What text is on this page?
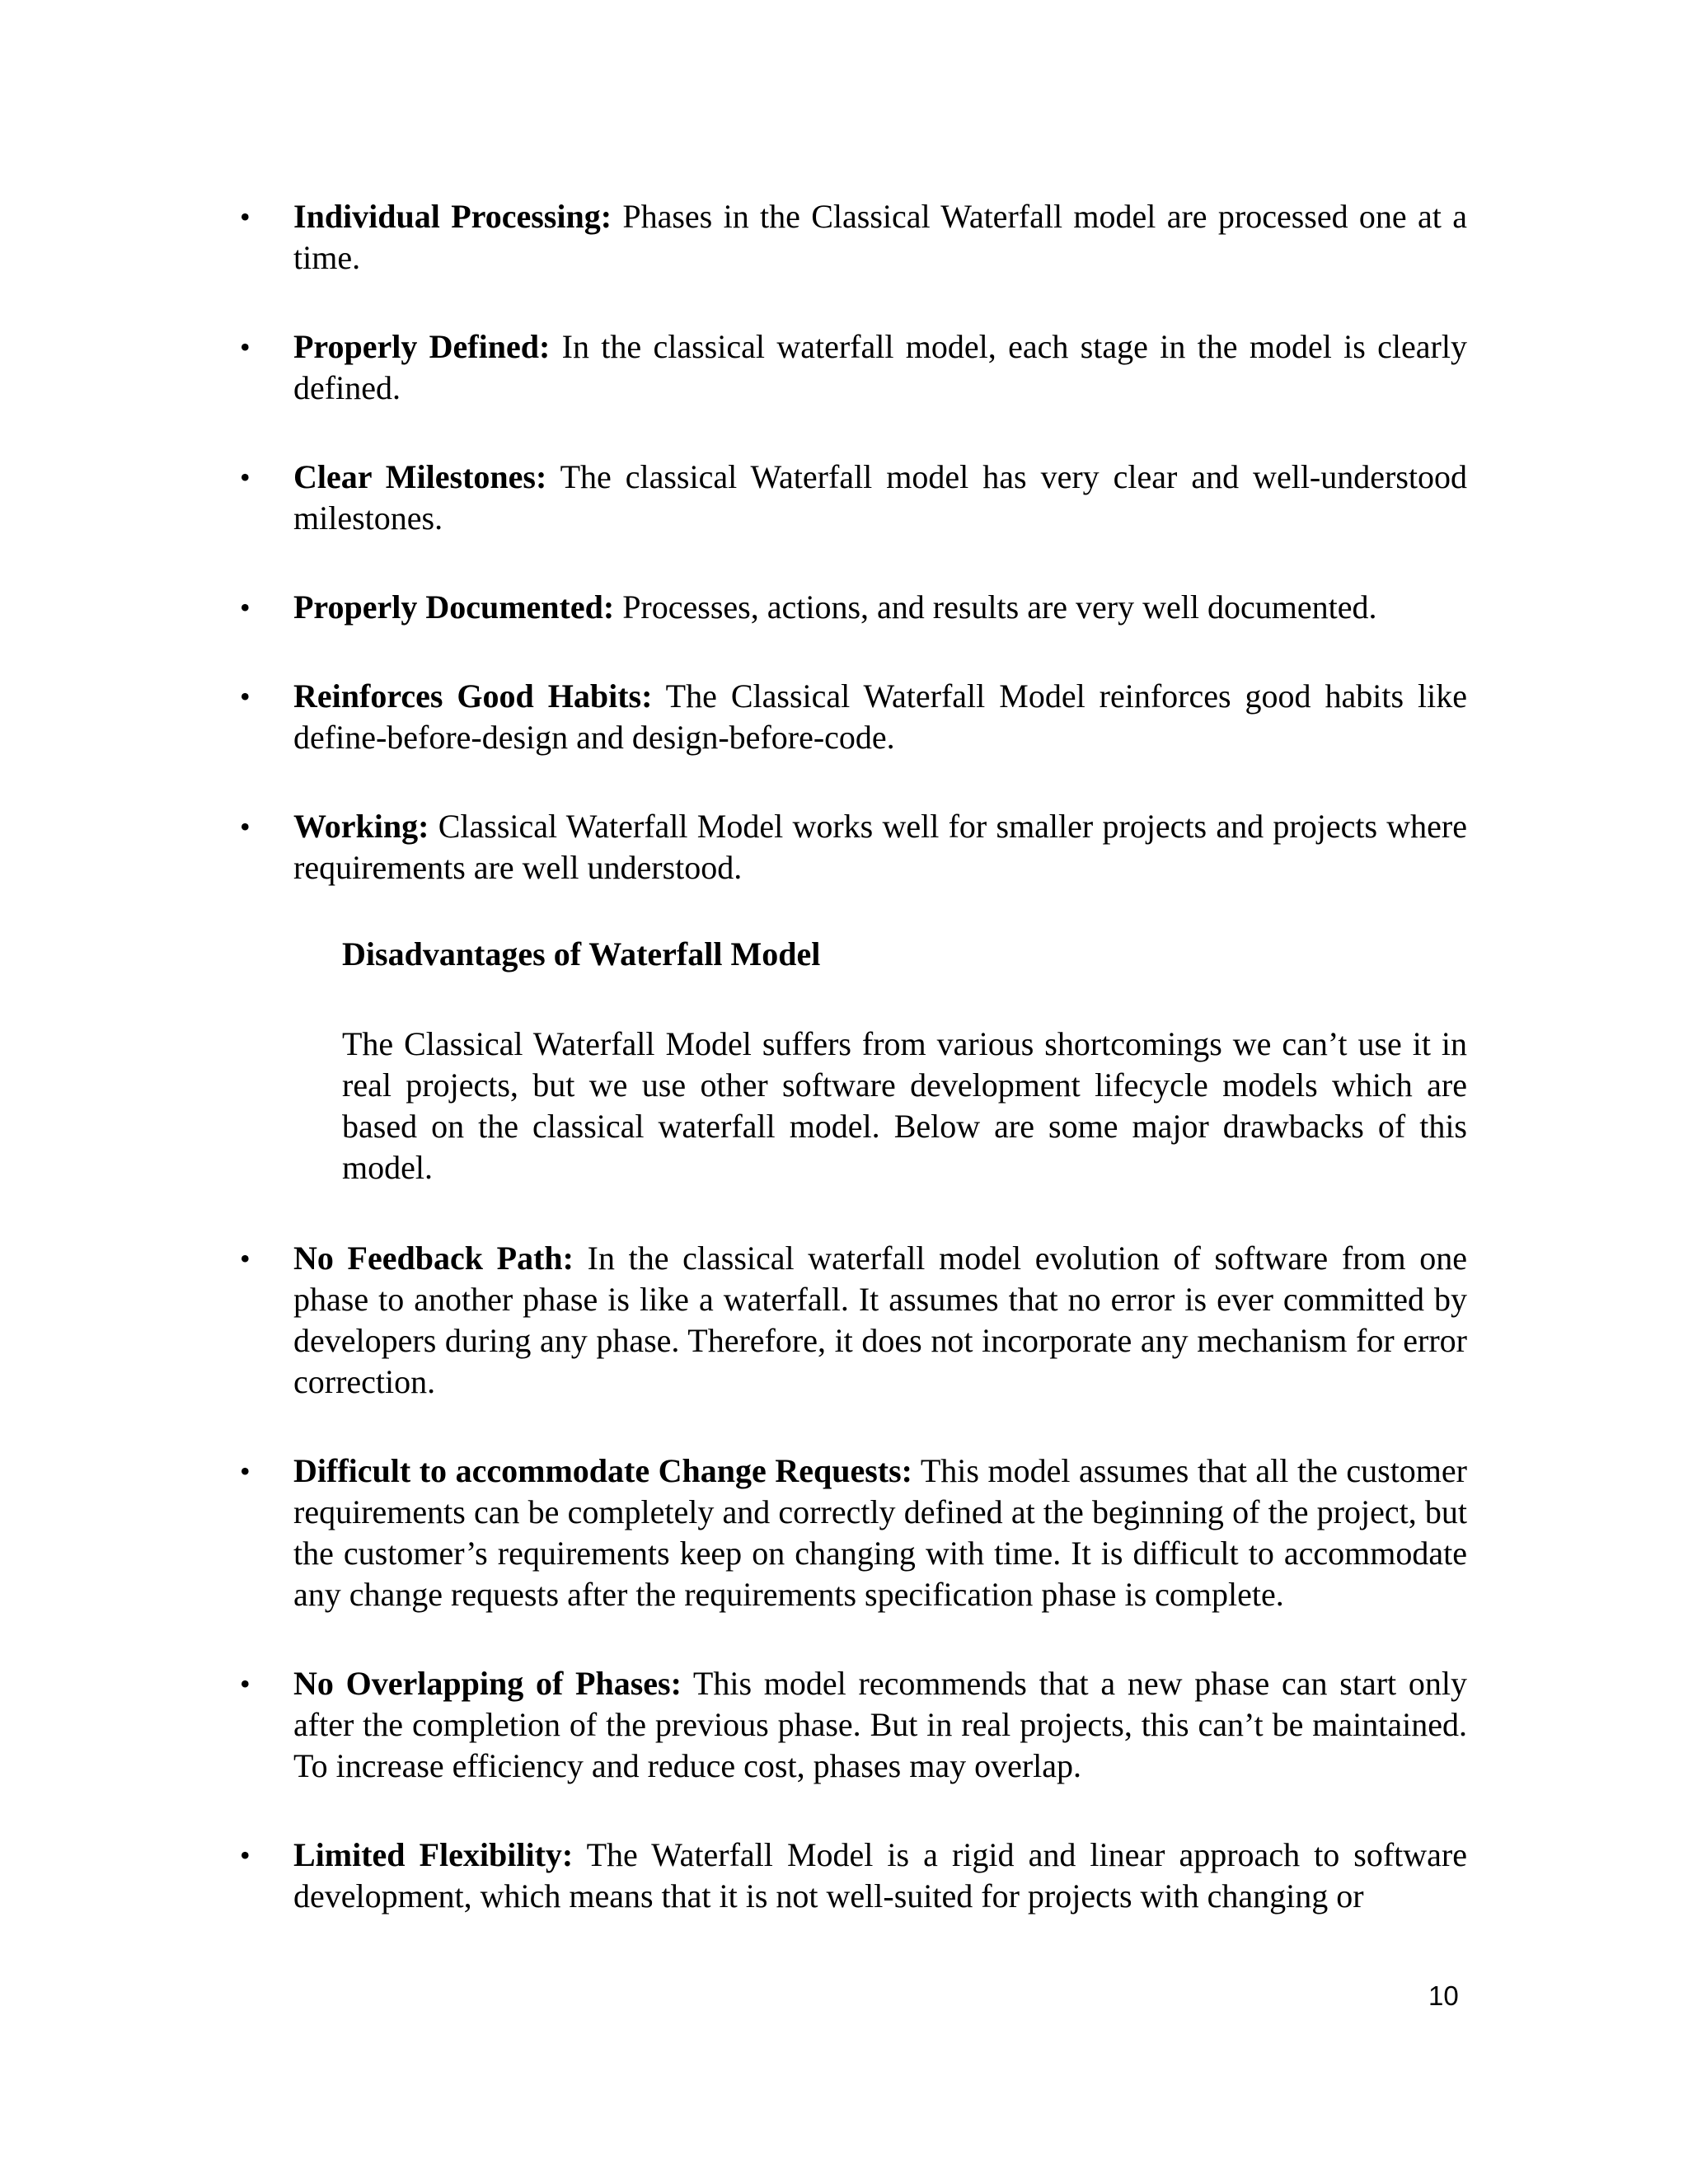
• Individual Processing: Phases in the Classical Waterfall model are processed one at a time.
• Properly Defined: In the classical waterfall model, each stage in the model is clearly defined.
• Clear Milestones: The classical Waterfall model has very clear and well-understood milestones.
• Properly Documented: Processes, actions, and results are very well documented.
• Reinforces Good Habits: The Classical Waterfall Model reinforces good habits like define-before-design and design-before-code.
• Working: Classical Waterfall Model works well for smaller projects and projects where requirements are well understood.
Disadvantages of Waterfall Model

The Classical Waterfall Model suffers from various shortcomings we can’t use it in real projects, but we use other software development lifecycle models which are based on the classical waterfall model. Below are some major drawbacks of this model.

• No Feedback Path: In the classical waterfall model evolution of software from one phase to another phase is like a waterfall. It assumes that no error is ever committed by developers during any phase. Therefore, it does not incorporate any mechanism for error correction.
• Difficult to accommodate Change Requests: This model assumes that all the customer requirements can be completely and correctly defined at the beginning of the project, but the customer’s requirements keep on changing with time. It is difficult to accommodate any change requests after the requirements specification phase is complete.
• No Overlapping of Phases: This model recommends that a new phase can start only after the completion of the previous phase. But in real projects, this can’t be maintained. To increase efficiency and reduce cost, phases may overlap.
• Limited Flexibility: The Waterfall Model is a rigid and linear approach to software development, which means that it is not well-suited for projects with changing or
10
